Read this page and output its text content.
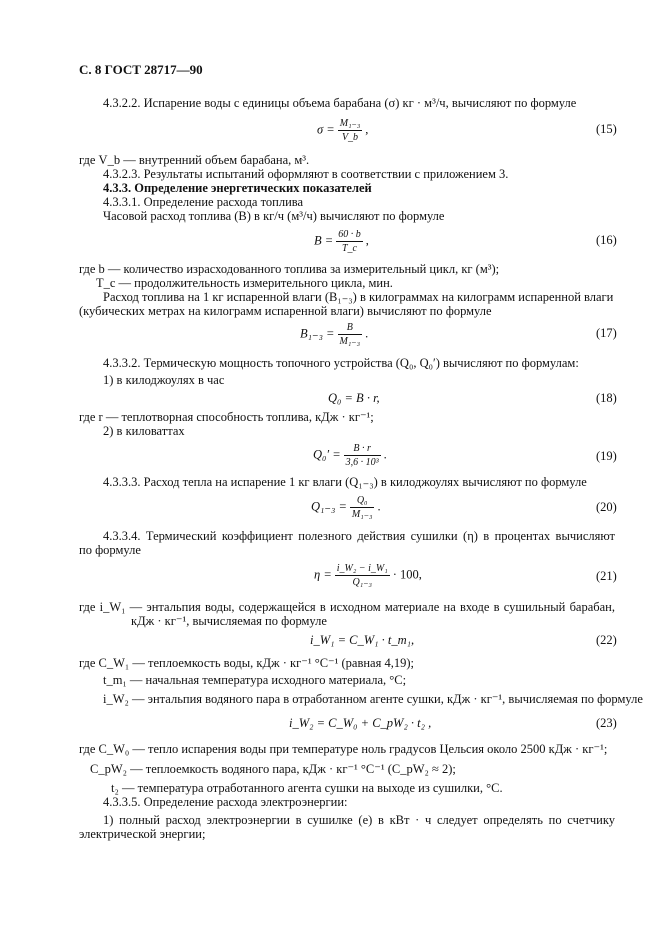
С. 8 ГОСТ 28717—90
4.3.2.2. Испарение воды с единицы объема барабана (σ) кг · м³/ч, вычисляют по формуле
$\sigma = \frac{\text{M₁₋₃}}{V\_b}$ ,	(15)
где V_b — внутренний объем барабана, м³.
4.3.2.3. Результаты испытаний оформляют в соответствии с приложением 3.
4.3.3. Определение энергетических показателей
4.3.3.1. Определение расхода топлива
Часовой расход топлива (B) в кг/ч (м³/ч) вычисляют по формуле
$B = \frac{60 \cdot b}{T\_c}$ ,	(16)
где b — количество израсходованного топлива за измерительный цикл, кг (м³);
T_c — продолжительность измерительного цикла, мин.
Расход топлива на 1 кг испаренной влаги (B₁₋₃) в килограммах на килограмм испаренной влаги
(кубических метрах на килограмм испаренной влаги) вычисляют по формуле
$B_{1-3} = \frac{B}{\text{M₁₋₃}}$ .	(17)
4.3.3.2. Термическую мощность топочного устройства (Q₀, Q₀′) вычисляют по формулам:
1) в килоджоулях в час
Q₀ = B · r,	(18)
где r — теплотворная способность топлива, кДж · кг⁻¹;
2) в киловаттах
$Q_0' = \frac{B \cdot r}{\text{3,6 · 10³}}$ .	(19)
4.3.3.3. Расход тепла на испарение 1 кг влаги (Q₁₋₃) в килоджоулях вычисляют по формуле
$Q_{1-3} = \frac{\text{Q₀}}{\text{M₁₋₃}}$ .	(20)
4.3.3.4. Термический коэффициент полезного действия сушилки (η) в процентах вычисляют
по формуле
$\eta = \frac{\text{i\_W₂ − i\_W₁}}{\text{Q₁₋₃}} \cdot 100$,	(21)
где i_W₁ — энтальпия воды, содержащейся в исходном материале на входе в сушильный барабан,
кДж · кг⁻¹, вычисляемая по формуле
i_W₁ = C_W₁ · t_m₁,	(22)
где C_W₁ — теплоемкость воды, кДж · кг⁻¹ °C⁻¹ (равная 4,19);
t_m₁ — начальная температура исходного материала, °C;
i_W₂ — энтальпия водяного пара в отработанном агенте сушки, кДж · кг⁻¹, вычисляемая по формуле
i_W₂ = C_W₀ + C_pW₂ · t₂ ,	(23)
где C_W₀ — тепло испарения воды при температуре ноль градусов Цельсия около 2500 кДж · кг⁻¹;
C_pW₂ — теплоемкость водяного пара, кДж · кг⁻¹ °C⁻¹ (C_pW₂ ≈ 2);
t₂ — температура отработанного агента сушки на выходе из сушилки, °C.
4.3.3.5. Определение расхода электроэнергии:
1) полный расход электроэнергии в сушилке (e) в кВт · ч следует определять по счетчику
электрической энергии;
